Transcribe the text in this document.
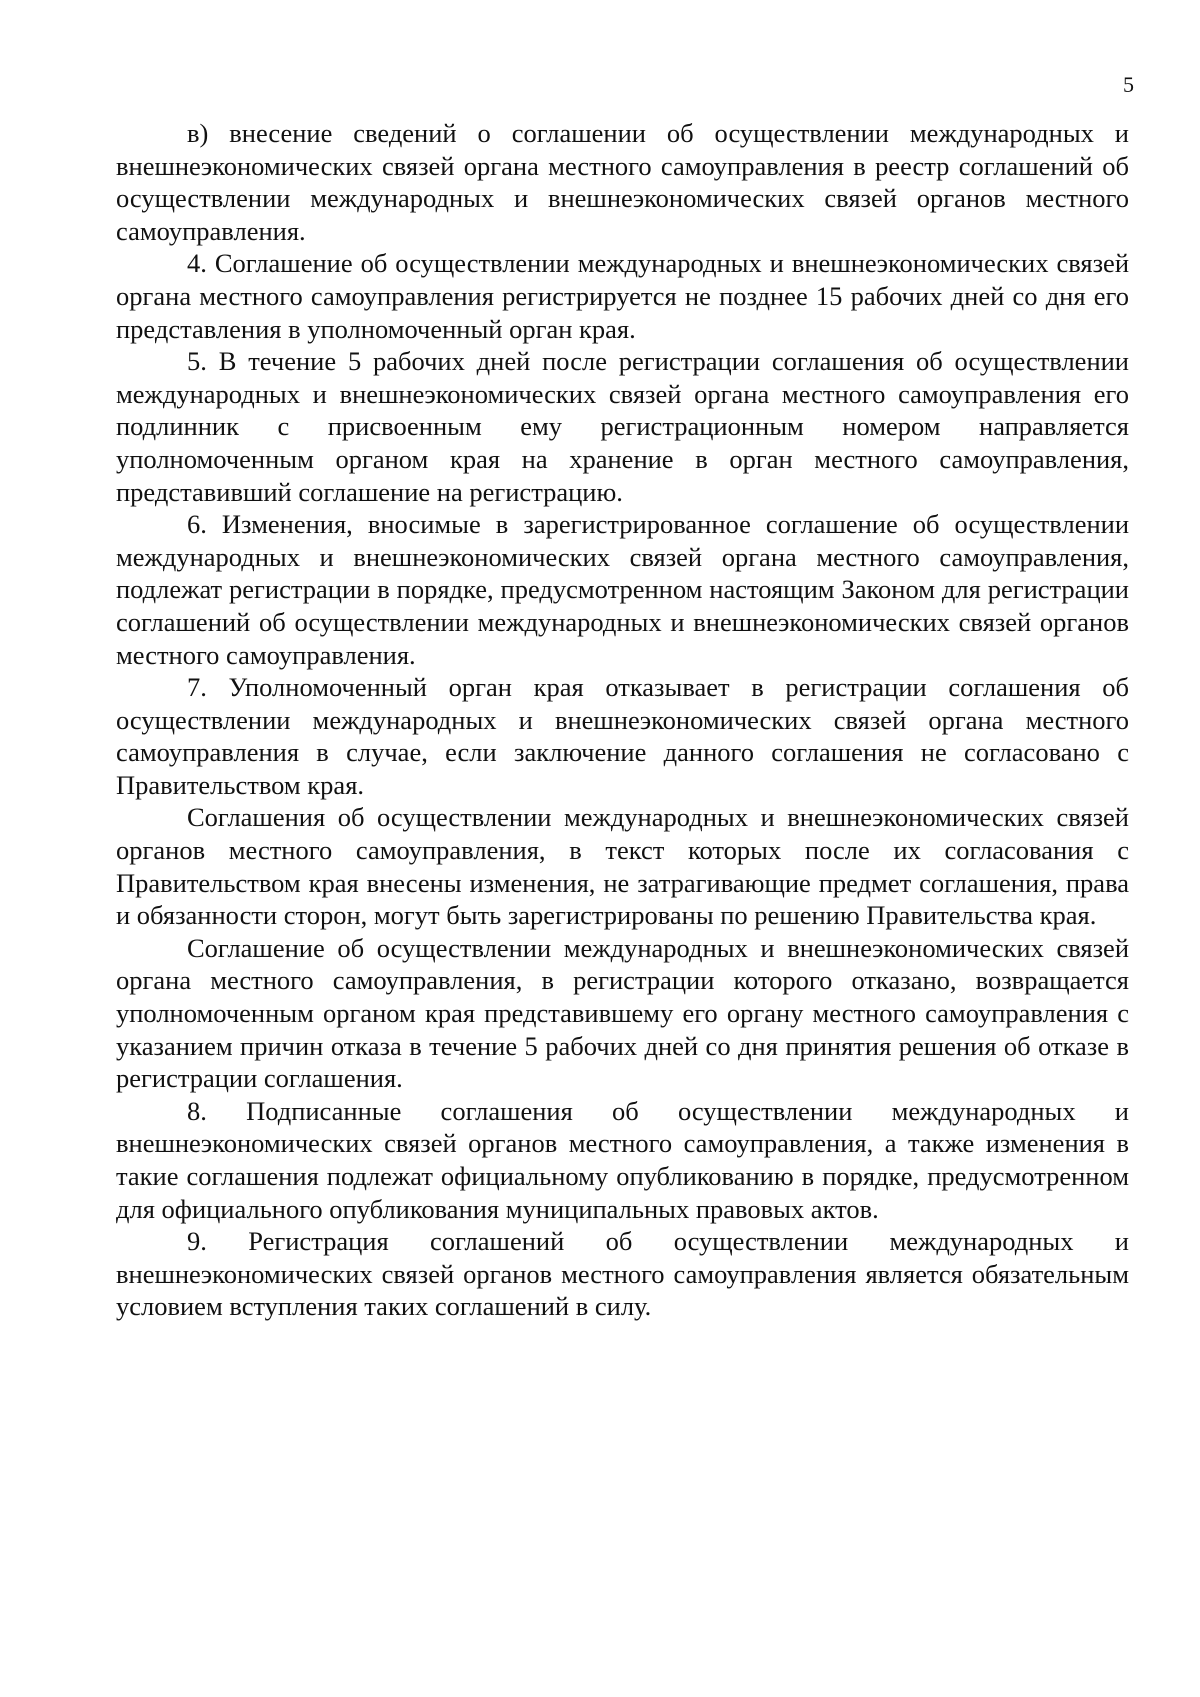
5

в) внесение сведений о соглашении об осуществлении международных и внешнеэкономических связей органа местного самоуправления в реестр соглашений об осуществлении международных и внешнеэкономических связей органов местного самоуправления.

4. Соглашение об осуществлении международных и внешнеэкономических связей органа местного самоуправления регистрируется не позднее 15 рабочих дней со дня его представления в уполномоченный орган края.

5. В течение 5 рабочих дней после регистрации соглашения об осуществлении международных и внешнеэкономических связей органа местного самоуправления его подлинник с присвоенным ему регистрационным номером направляется уполномоченным органом края на хранение в орган местного самоуправления, представивший соглашение на регистрацию.

6. Изменения, вносимые в зарегистрированное соглашение об осуществлении международных и внешнеэкономических связей органа местного самоуправления, подлежат регистрации в порядке, предусмотренном настоящим Законом для регистрации соглашений об осуществлении международных и внешнеэкономических связей органов местного самоуправления.

7. Уполномоченный орган края отказывает в регистрации соглашения об осуществлении международных и внешнеэкономических связей органа местного самоуправления в случае, если заключение данного соглашения не согласовано с Правительством края.

Соглашения об осуществлении международных и внешнеэкономических связей органов местного самоуправления, в текст которых после их согласования с Правительством края внесены изменения, не затрагивающие предмет соглашения, права и обязанности сторон, могут быть зарегистрированы по решению Правительства края.

Соглашение об осуществлении международных и внешнеэкономических связей органа местного самоуправления, в регистрации которого отказано, возвращается уполномоченным органом края представившему его органу местного самоуправления с указанием причин отказа в течение 5 рабочих дней со дня принятия решения об отказе в регистрации соглашения.

8. Подписанные соглашения об осуществлении международных и внешнеэкономических связей органов местного самоуправления, а также изменения в такие соглашения подлежат официальному опубликованию в порядке, предусмотренном для официального опубликования муниципальных правовых актов.

9. Регистрация соглашений об осуществлении международных и внешнеэкономических связей органов местного самоуправления является обязательным условием вступления таких соглашений в силу.
